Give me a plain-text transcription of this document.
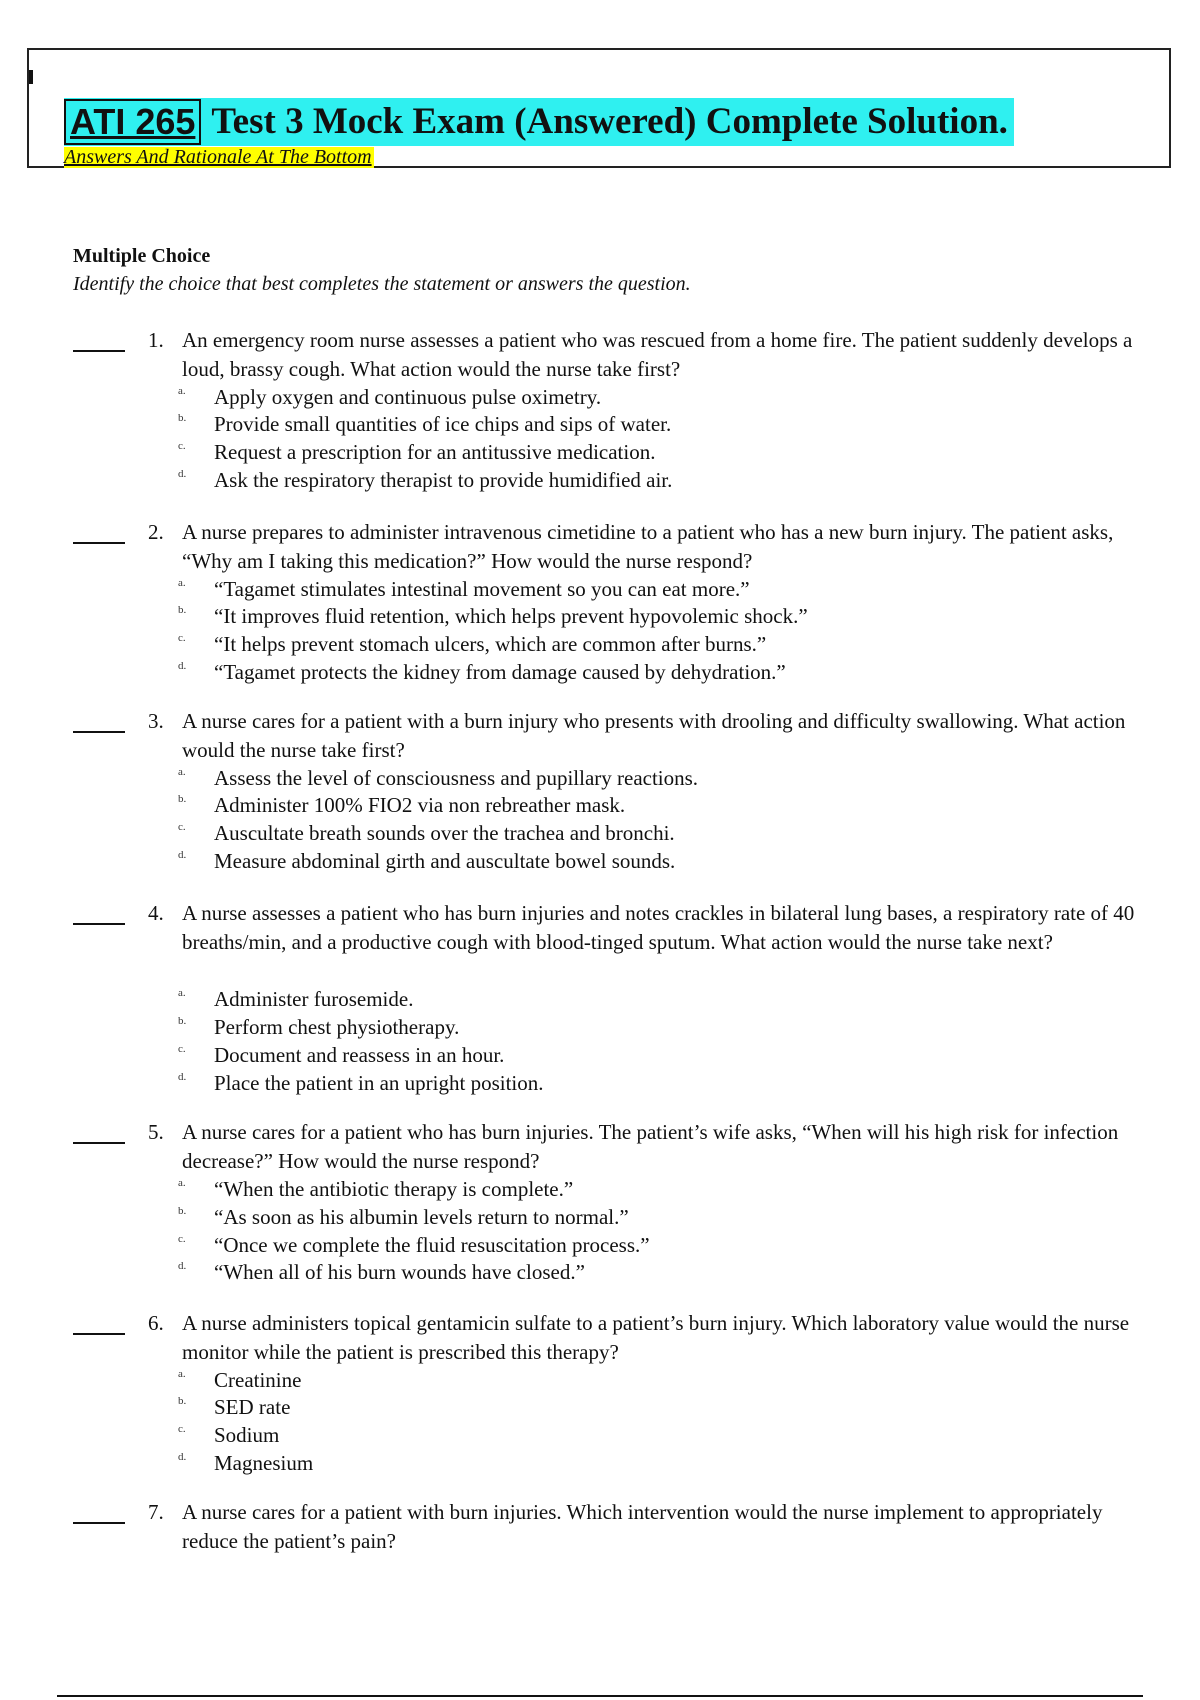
ATI 265 Test 3 Mock Exam (Answered) Complete Solution.
Answers And Rationale At The Bottom
Multiple Choice
Identify the choice that best completes the statement or answers the question.
1. An emergency room nurse assesses a patient who was rescued from a home fire. The patient suddenly develops a loud, brassy cough. What action would the nurse take first?
a. Apply oxygen and continuous pulse oximetry.
b. Provide small quantities of ice chips and sips of water.
c. Request a prescription for an antitussive medication.
d. Ask the respiratory therapist to provide humidified air.
2. A nurse prepares to administer intravenous cimetidine to a patient who has a new burn injury. The patient asks, “Why am I taking this medication?” How would the nurse respond?
a. “Tagamet stimulates intestinal movement so you can eat more.”
b. “It improves fluid retention, which helps prevent hypovolemic shock.”
c. “It helps prevent stomach ulcers, which are common after burns.”
d. “Tagamet protects the kidney from damage caused by dehydration.”
3. A nurse cares for a patient with a burn injury who presents with drooling and difficulty swallowing. What action would the nurse take first?
a. Assess the level of consciousness and pupillary reactions.
b. Administer 100% FIO2 via non rebreather mask.
c. Auscultate breath sounds over the trachea and bronchi.
d. Measure abdominal girth and auscultate bowel sounds.
4. A nurse assesses a patient who has burn injuries and notes crackles in bilateral lung bases, a respiratory rate of 40 breaths/min, and a productive cough with blood-tinged sputum. What action would the nurse take next?
a. Administer furosemide.
b. Perform chest physiotherapy.
c. Document and reassess in an hour.
d. Place the patient in an upright position.
5. A nurse cares for a patient who has burn injuries. The patient’s wife asks, “When will his high risk for infection decrease?” How would the nurse respond?
a. “When the antibiotic therapy is complete.”
b. “As soon as his albumin levels return to normal.”
c. “Once we complete the fluid resuscitation process.”
d. “When all of his burn wounds have closed.”
6. A nurse administers topical gentamicin sulfate to a patient’s burn injury. Which laboratory value would the nurse monitor while the patient is prescribed this therapy?
a. Creatinine
b. SED rate
c. Sodium
d. Magnesium
7. A nurse cares for a patient with burn injuries. Which intervention would the nurse implement to appropriately reduce the patient’s pain?
